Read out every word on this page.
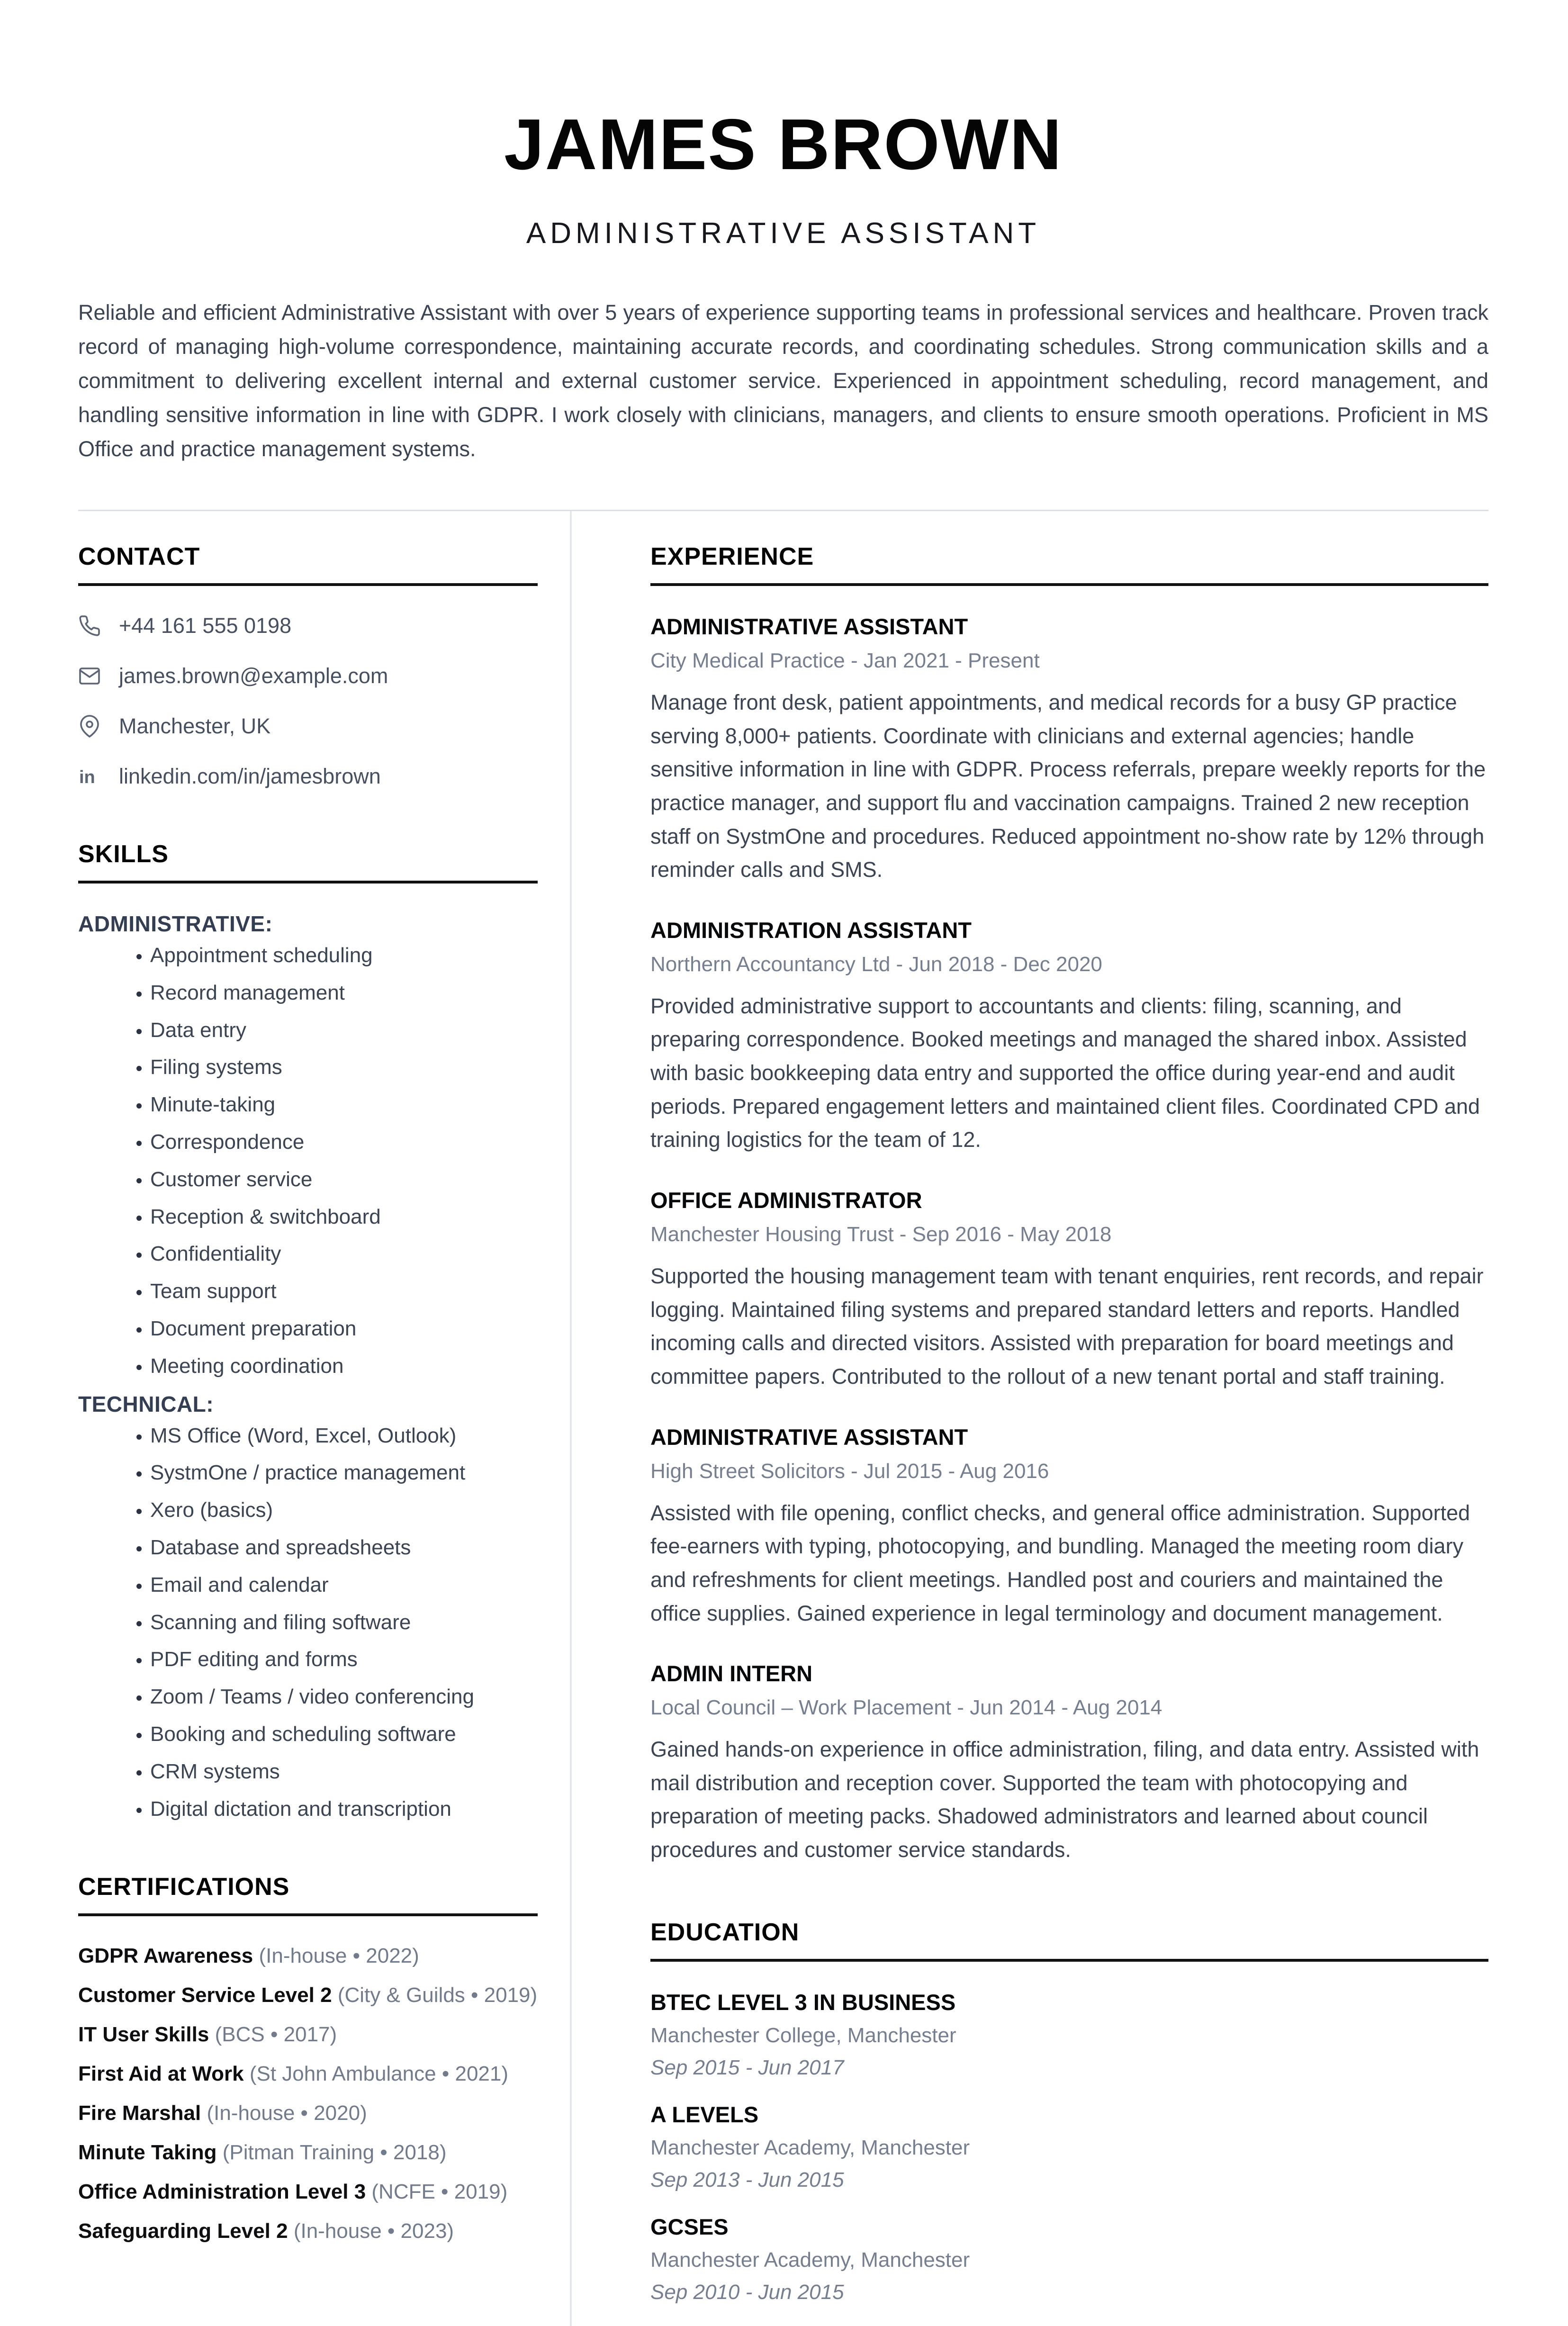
JAMES BROWN
ADMINISTRATIVE ASSISTANT

Reliable and efficient Administrative Assistant with over 5 years of experience supporting teams in professional services and healthcare. Proven track record of managing high-volume correspondence, maintaining accurate records, and coordinating schedules. Strong communication skills and a commitment to delivering excellent internal and external customer service. Experienced in appointment scheduling, record management, and handling sensitive information in line with GDPR. I work closely with clinicians, managers, and clients to ensure smooth operations. Proficient in MS Office and practice management systems.

CONTACT
+44 161 555 0198
james.brown@example.com
Manchester, UK
in linkedin.com/in/jamesbrown
SKILLS
ADMINISTRATIVE:
• Appointment scheduling
• Record management
• Data entry
• Filing systems
• Minute-taking
• Correspondence
• Customer service
• Reception & switchboard
• Confidentiality
• Team support
• Document preparation
• Meeting coordination
TECHNICAL:
• MS Office (Word, Excel, Outlook)
• SystmOne / practice management
• Xero (basics)
• Database and spreadsheets
• Email and calendar
• Scanning and filing software
• PDF editing and forms
• Zoom / Teams / video conferencing
• Booking and scheduling software
• CRM systems
• Digital dictation and transcription
CERTIFICATIONS
GDPR Awareness (In-house • 2022)
Customer Service Level 2 (City & Guilds • 2019)
IT User Skills (BCS • 2017)
First Aid at Work (St John Ambulance • 2021)
Fire Marshal (In-house • 2020)
Minute Taking (Pitman Training • 2018)
Office Administration Level 3 (NCFE • 2019)
Safeguarding Level 2 (In-house • 2023)
EXPERIENCE
ADMINISTRATIVE ASSISTANT
City Medical Practice - Jan 2021 - Present
Manage front desk, patient appointments, and medical records for a busy GP practice serving 8,000+ patients. Coordinate with clinicians and external agencies; handle sensitive information in line with GDPR. Process referrals, prepare weekly reports for the practice manager, and support flu and vaccination campaigns. Trained 2 new reception staff on SystmOne and procedures. Reduced appointment no-show rate by 12% through reminder calls and SMS.
ADMINISTRATION ASSISTANT
Northern Accountancy Ltd - Jun 2018 - Dec 2020
Provided administrative support to accountants and clients: filing, scanning, and preparing correspondence. Booked meetings and managed the shared inbox. Assisted with basic bookkeeping data entry and supported the office during year-end and audit periods. Prepared engagement letters and maintained client files. Coordinated CPD and training logistics for the team of 12.
OFFICE ADMINISTRATOR
Manchester Housing Trust - Sep 2016 - May 2018
Supported the housing management team with tenant enquiries, rent records, and repair logging. Maintained filing systems and prepared standard letters and reports. Handled incoming calls and directed visitors. Assisted with preparation for board meetings and committee papers. Contributed to the rollout of a new tenant portal and staff training.
ADMINISTRATIVE ASSISTANT
High Street Solicitors - Jul 2015 - Aug 2016
Assisted with file opening, conflict checks, and general office administration. Supported fee-earners with typing, photocopying, and bundling. Managed the meeting room diary and refreshments for client meetings. Handled post and couriers and maintained the office supplies. Gained experience in legal terminology and document management.
ADMIN INTERN
Local Council – Work Placement - Jun 2014 - Aug 2014
Gained hands-on experience in office administration, filing, and data entry. Assisted with mail distribution and reception cover. Supported the team with photocopying and preparation of meeting packs. Shadowed administrators and learned about council procedures and customer service standards.
EDUCATION
BTEC LEVEL 3 IN BUSINESS
Manchester College, Manchester
Sep 2015 - Jun 2017
A LEVELS
Manchester Academy, Manchester
Sep 2013 - Jun 2015
GCSES
Manchester Academy, Manchester
Sep 2010 - Jun 2015
